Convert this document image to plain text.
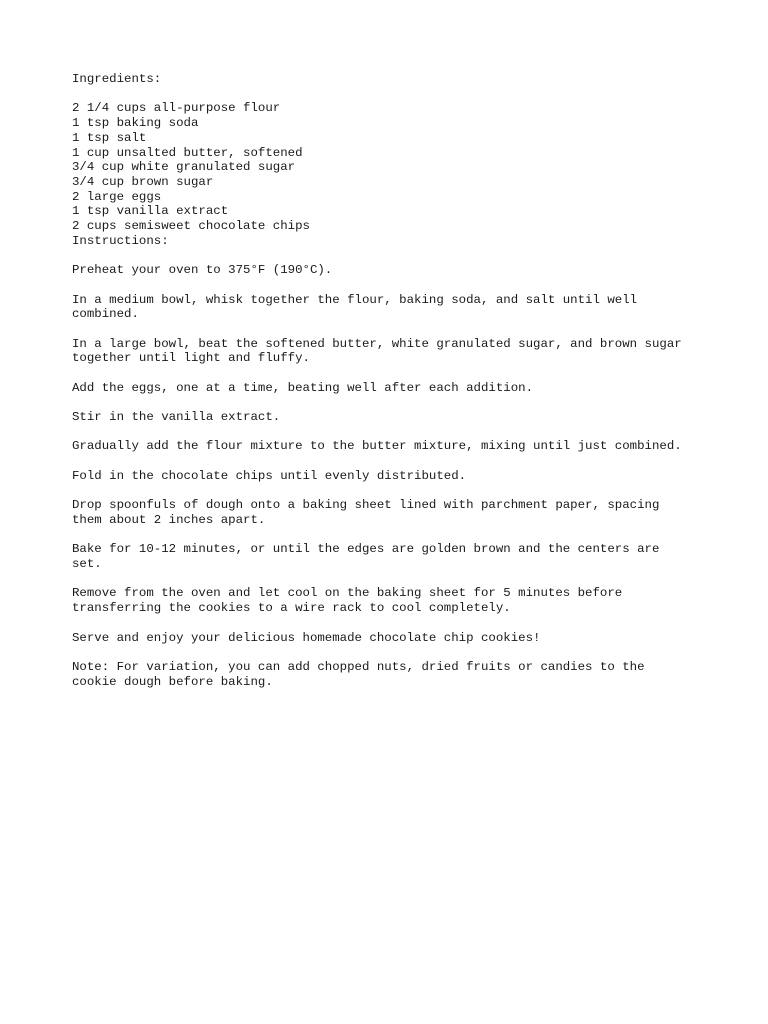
Ingredients:
2 1/4 cups all-purpose flour
1 tsp baking soda
1 tsp salt
1 cup unsalted butter, softened
3/4 cup white granulated sugar
3/4 cup brown sugar
2 large eggs
1 tsp vanilla extract
2 cups semisweet chocolate chips
Instructions:
Preheat your oven to 375°F (190°C).
In a medium bowl, whisk together the flour, baking soda, and salt until well
combined.
In a large bowl, beat the softened butter, white granulated sugar, and brown sugar
together until light and fluffy.
Add the eggs, one at a time, beating well after each addition.
Stir in the vanilla extract.
Gradually add the flour mixture to the butter mixture, mixing until just combined.
Fold in the chocolate chips until evenly distributed.
Drop spoonfuls of dough onto a baking sheet lined with parchment paper, spacing
them about 2 inches apart.
Bake for 10-12 minutes, or until the edges are golden brown and the centers are
set.
Remove from the oven and let cool on the baking sheet for 5 minutes before
transferring the cookies to a wire rack to cool completely.
Serve and enjoy your delicious homemade chocolate chip cookies!
Note: For variation, you can add chopped nuts, dried fruits or candies to the
cookie dough before baking.
